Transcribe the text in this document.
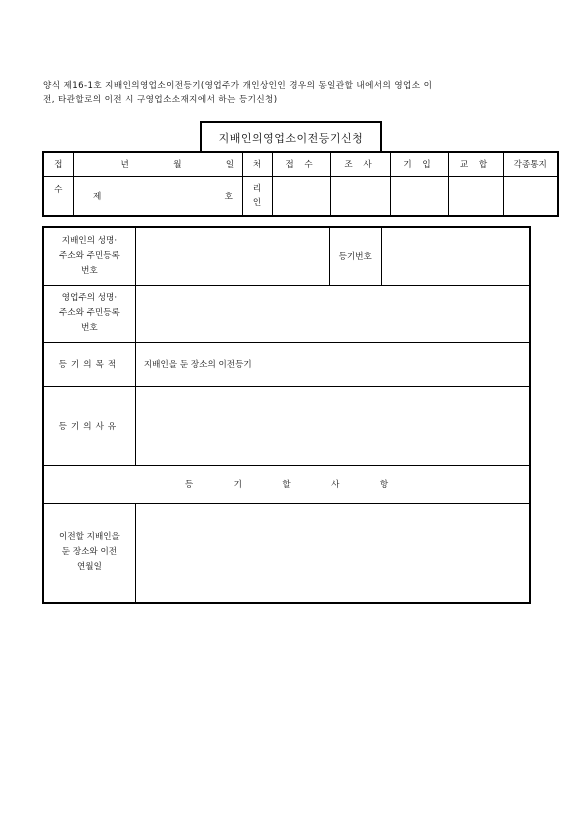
양식 제16-1호 지배인의영업소이전등기(영업주가 개인상인인 경우의 동일관할 내에서의 영업소 이
전, 타관할로의 이전 시 구영업소소재지에서 하는 등기신청)
지배인의영업소이전등기신청
접	년 월 일	처	접 수	조 사	기 입	교 합	각종통지
수	제 호	리
인					

지배인의 성명·
주소와 주민등록
번호		등기번호	

영업주의 성명·
주소와 주민등록
번호			

등기의목적	지배인을 둔 장소의 이전등기		
등기의사유			
등 기 할 사 항			

이전할 지배인을
둔 장소와 이전
연월일			
